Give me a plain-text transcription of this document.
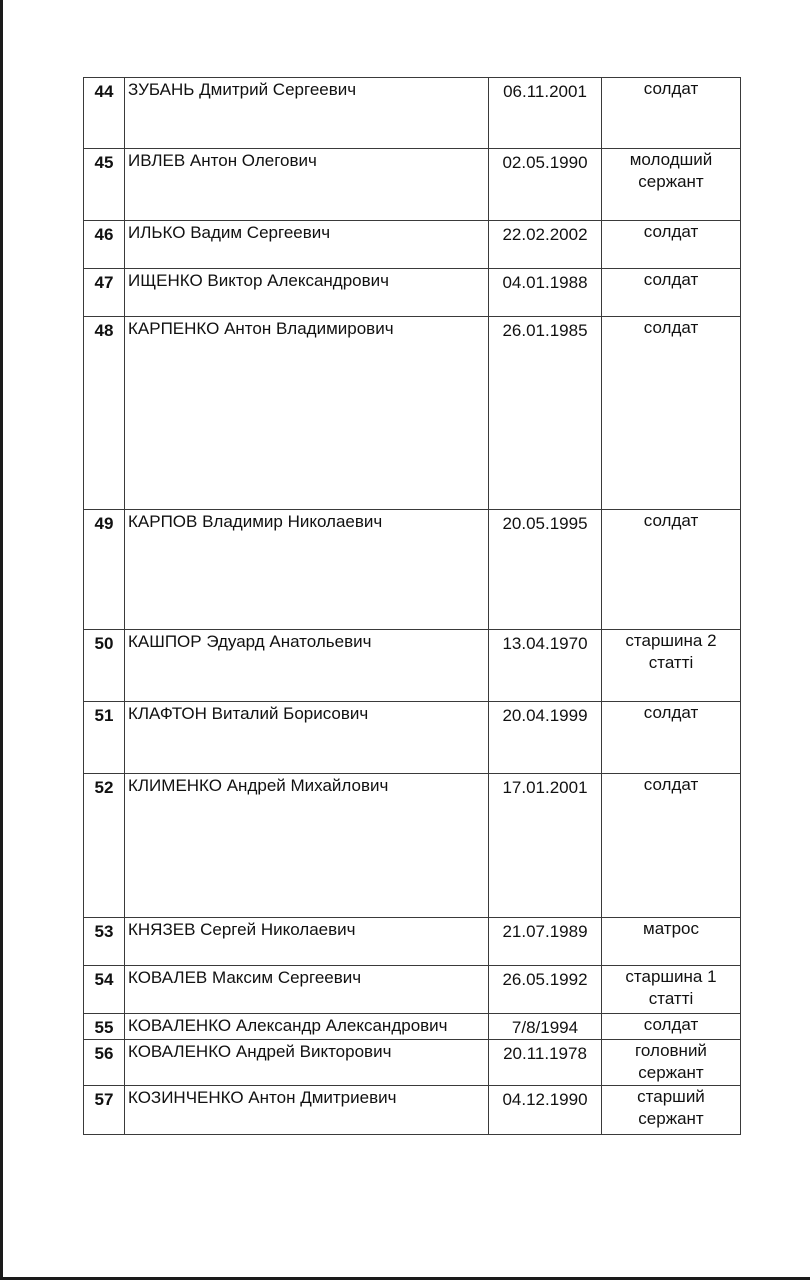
44	ЗУБАНЬ Дмитрий Сергеевич	06.11.2001	солдат

45	ИВЛЕВ Антон Олегович	02.05.1990	молодший
сержант

46	ИЛЬКО Вадим Сергеевич	22.02.2002	солдат

47	ИЩЕНКО Виктор Александрович	04.01.1988	солдат

48	КАРПЕНКО Антон Владимирович	26.01.1985	солдат

49	КАРПОВ Владимир Николаевич	20.05.1995	солдат

50	КАШПОР Эдуард Анатольевич	13.04.1970	старшина 2
статті

51	КЛАФТОН Виталий Борисович	20.04.1999	солдат

52	КЛИМЕНКО Андрей Михайлович	17.01.2001	солдат

53	КНЯЗЕВ Сергей Николаевич	21.07.1989	матрос

54	КОВАЛЕВ Максим Сергеевич	26.05.1992	старшина 1
статті

55	КОВАЛЕНКО Александр Александрович	7/8/1994	солдат

56	КОВАЛЕНКО Андрей Викторович	20.11.1978	головний
сержант

57	КОЗИНЧЕНКО Антон Дмитриевич	04.12.1990	старший
сержант
